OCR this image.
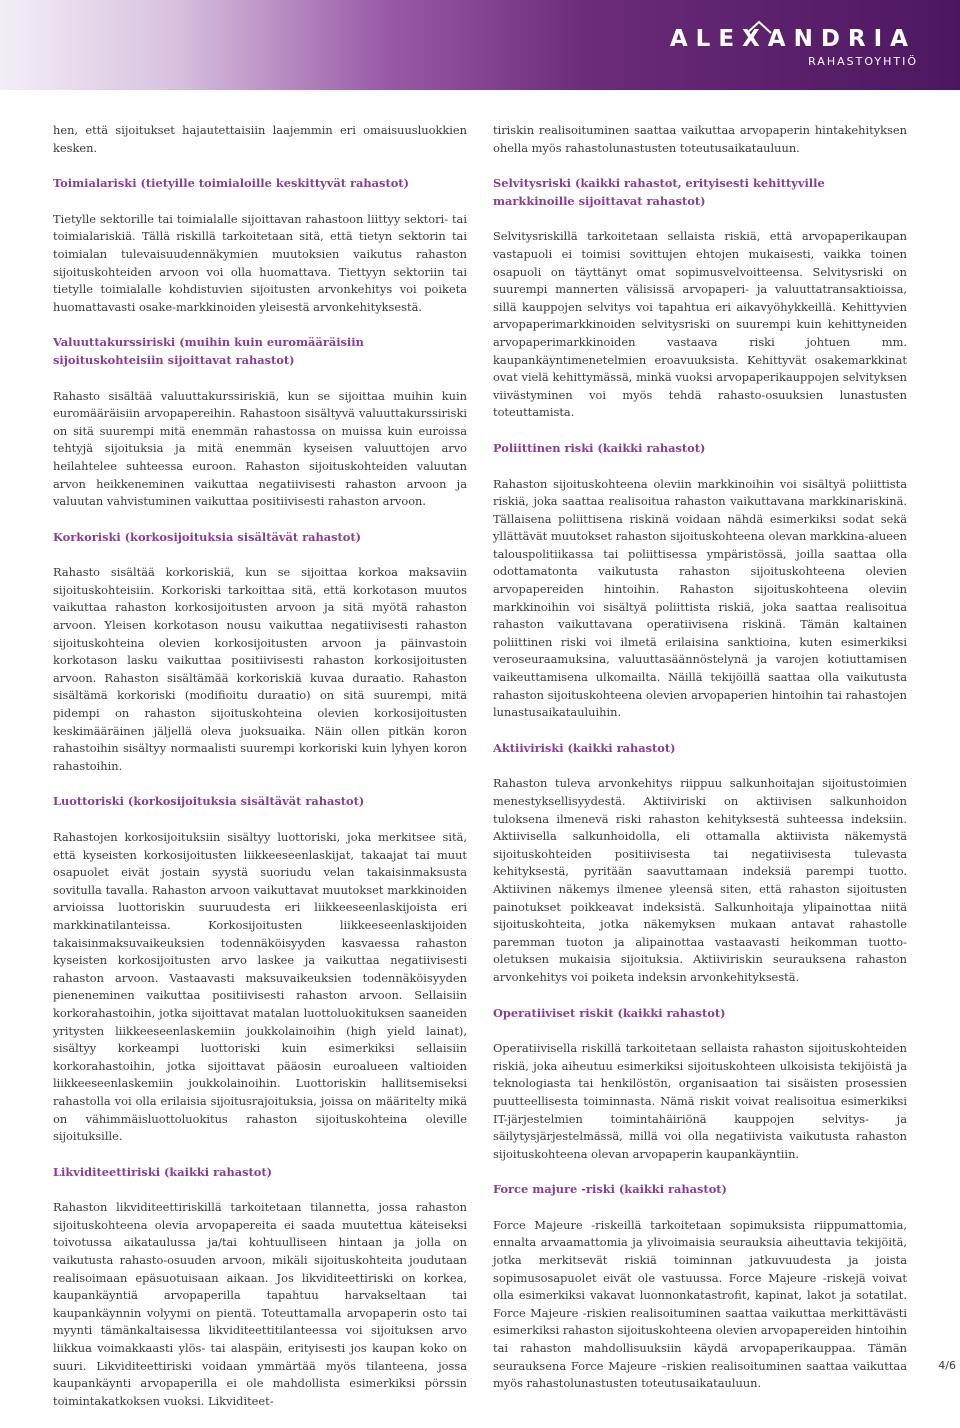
ALEXANDRIA
RAHASTOYHTIÖ

hen, että sijoitukset hajautettaisiin laajemmin eri omaisuusluokkien kesken.

Toimialariski (tietyille toimialoille keskittyvät rahastot)

Tietylle sektorille tai toimialalle sijoittavan rahastoon liittyy sektori- tai toimialariskiä. Tällä riskillä tarkoitetaan sitä, että tietyn sektorin tai toimialan tulevaisuudennäkymien muutoksien vaikutus rahaston sijoituskohteiden arvoon voi olla huomattava. Tiettyyn sektoriin tai tietylle toimialalle kohdistuvien sijoitusten arvonkehitys voi poiketa huomattavasti osake-markkinoiden yleisestä arvonkehityksestä.

Valuuttakurssiriski (muihin kuin euromääräisiin sijoituskohteisiin sijoittavat rahastot)

Rahasto sisältää valuuttakurssiriskiä, kun se sijoittaa muihin kuin euromääräisiin arvopapereihin. Rahastoon sisältyvä valuuttakurssiriski on sitä suurempi mitä enemmän rahastossa on muissa kuin euroissa tehtyjä sijoituksia ja mitä enemmän kyseisen valuuttojen arvo heilahtelee suhteessa euroon. Rahaston sijoituskohteiden valuutan arvon heikkeneminen vaikuttaa negatiivisesti rahaston arvoon ja valuutan vahvistuminen vaikuttaa positiivisesti rahaston arvoon.

Korkoriski (korkosijoituksia sisältävät rahastot)

Rahasto sisältää korkoriskiä, kun se sijoittaa korkoa maksaviin sijoituskohteisiin. Korkoriski tarkoittaa sitä, että korkotason muutos vaikuttaa rahaston korkosijoitusten arvoon ja sitä myötä rahaston arvoon. Yleisen korkotason nousu vaikuttaa negatiivisesti rahaston sijoituskohteina olevien korkosijoitusten arvoon ja päinvastoin korkotason lasku vaikuttaa positiivisesti rahaston korkosijoitusten arvoon. Rahaston sisältämää korkoriskiä kuvaa duraatio. Rahaston sisältämä korkoriski (modifioitu duraatio) on sitä suurempi, mitä pidempi on rahaston sijoituskohteina olevien korkosijoitusten keskimääräinen jäljellä oleva juoksuaika. Näin ollen pitkän koron rahastoihin sisältyy normaalisti suurempi korkoriski kuin lyhyen koron rahastoihin.

Luottoriski (korkosijoituksia sisältävät rahastot)

Rahastojen korkosijoituksiin sisältyy luottoriski, joka merkitsee sitä, että kyseisten korkosijoitusten liikkeeseenlaskijat, takaajat tai muut osapuolet eivät jostain syystä suoriudu velan takaisinmaksusta sovitulla tavalla. Rahaston arvoon vaikuttavat muutokset markkinoiden arvioissa luottoriskin suuruudesta eri liikkeeseenlaskijoista eri markkinatilanteissa. Korkosijoitusten liikkeeseenlaskijoiden takaisinmaksuvaikeuksien todennäköisyyden kasvaessa rahaston kyseisten korkosijoitusten arvo laskee ja vaikuttaa negatiivisesti rahaston arvoon. Vastaavasti maksuvaikeuksien todennäköisyyden pieneneminen vaikuttaa positiivisesti rahaston arvoon. Sellaisiin korkorahastoihin, jotka sijoittavat matalan luottoluokituksen saaneiden yritysten liikkeeseenlaskemiin joukkolainoihin (high yield lainat), sisältyy korkeampi luottoriski kuin esimerkiksi sellaisiin korkorahastoihin, jotka sijoittavat pääosin euroalueen valtioiden liikkeeseenlaskemiin joukkolainoihin. Luottoriskin hallitsemiseksi rahastolla voi olla erilaisia sijoitusrajoituksia, joissa on määritelty mikä on vähimmäisluottoluokitus rahaston sijoituskohteina oleville sijoituksille.

Likviditeettiriski (kaikki rahastot)

Rahaston likviditeettiriskillä tarkoitetaan tilannetta, jossa rahaston sijoituskohteena olevia arvopapereita ei saada muutettua käteiseksi toivotussa aikataulussa ja/tai kohtuulliseen hintaan ja jolla on vaikutusta rahasto-osuuden arvoon, mikäli sijoituskohteita joudutaan realisoimaan epäsuotuisaan aikaan. Jos likviditeettiriski on korkea, kaupankäyntiä arvopaperilla tapahtuu harvakseltaan tai kaupankäynnin volyymi on pientä. Toteuttamalla arvopaperin osto tai myynti tämänkaltaisessa likviditeettitilanteessa voi sijoituksen arvo liikkua voimakkaasti ylös- tai alaspäin, erityisesti jos kaupan koko on suuri. Likviditeettiriski voidaan ymmärtää myös tilanteena, jossa kaupankäynti arvopaperilla ei ole mahdollista esimerkiksi pörssin toimintakatkoksen vuoksi. Likviditeet-

tiriskin realisoituminen saattaa vaikuttaa arvopaperin hintakehityksen ohella myös rahastolunastusten toteutusaikatauluun.

Selvitysriski (kaikki rahastot, erityisesti kehittyville markkinoille sijoittavat rahastot)

Selvitysriskillä tarkoitetaan sellaista riskiä, että arvopaperikaupan vastapuoli ei toimisi sovittujen ehtojen mukaisesti, vaikka toinen osapuoli on täyttänyt omat sopimusvelvoitteensa. Selvitysriski on suurempi mannerten välisissä arvopaperi- ja valuuttatransaktioissa, sillä kauppojen selvitys voi tapahtua eri aikavyöhykkeillä. Kehittyvien arvopaperimarkkinoiden selvitysriski on suurempi kuin kehittyneiden arvopaperimarkkinoiden vastaava riski johtuen mm. kaupankäyntimenetelmien eroavuuksista. Kehittyvät osakemarkkinat ovat vielä kehittymässä, minkä vuoksi arvopaperikauppojen selvityksen viivästyminen voi myös tehdä rahasto-osuuksien lunastusten toteuttamista.

Poliittinen riski (kaikki rahastot)

Rahaston sijoituskohteena oleviin markkinoihin voi sisältyä poliittista riskiä, joka saattaa realisoitua rahaston vaikuttavana markkinariskinä. Tällaisena poliittisena riskinä voidaan nähdä esimerkiksi sodat sekä yllättävät muutokset rahaston sijoituskohteena olevan markkina-alueen talouspolitiikassa tai poliittisessa ympäristössä, joilla saattaa olla odottamatonta vaikutusta rahaston sijoituskohteena olevien arvopapereiden hintoihin. Rahaston sijoituskohteena oleviin markkinoihin voi sisältyä poliittista riskiä, joka saattaa realisoitua rahaston vaikuttavana operatiivisena riskinä. Tämän kaltainen poliittinen riski voi ilmetä erilaisina sanktioina, kuten esimerkiksi veroseuraamuksina, valuuttasäännöstelynä ja varojen kotiuttamisen vaikeuttamisena ulkomailta. Näillä tekijöillä saattaa olla vaikutusta rahaston sijoituskohteena olevien arvopaperien hintoihin tai rahastojen lunastusaikatauluihin.

Aktiiviriski (kaikki rahastot)

Rahaston tuleva arvonkehitys riippuu salkunhoitajan sijoitustoimien menestyksellisyydestä. Aktiiviriski on aktiivisen salkunhoidon tuloksena ilmenevä riski rahaston kehityksestä suhteessa indeksiin. Aktiivisella salkunhoidolla, eli ottamalla aktiivista näkemystä sijoituskohteiden positiivisesta tai negatiivisesta tulevasta kehityksestä, pyritään saavuttamaan indeksiä parempi tuotto. Aktiivinen näkemys ilmenee yleensä siten, että rahaston sijoitusten painotukset poikkeavat indeksistä. Salkunhoitaja ylipainottaa niitä sijoituskohteita, jotka näkemyksen mukaan antavat rahastolle paremman tuoton ja alipainottaa vastaavasti heikomman tuotto-oletuksen mukaisia sijoituksia. Aktiiviriskin seurauksena rahaston arvonkehitys voi poiketa indeksin arvonkehityksestä.

Operatiiviset riskit (kaikki rahastot)

Operatiivisella riskillä tarkoitetaan sellaista rahaston sijoituskohteiden riskiä, joka aiheutuu esimerkiksi sijoituskohteen ulkoisista tekijöistä ja teknologiasta tai henkilöstön, organisaation tai sisäisten prosessien puutteellisesta toiminnasta. Nämä riskit voivat realisoitua esimerkiksi IT-järjestelmien toimintahäiriönä kauppojen selvitys- ja säilytysjärjestelmässä, millä voi olla negatiivista vaikutusta rahaston sijoituskohteena olevan arvopaperin kaupankäyntiin.

Force majure -riski (kaikki rahastot)

Force Majeure -riskeillä tarkoitetaan sopimuksista riippumattomia, ennalta arvaamattomia ja ylivoimaisia seurauksia aiheuttavia tekijöitä, jotka merkitsevät riskiä toiminnan jatkuvuudesta ja joista sopimusosapuolet eivät ole vastuussa. Force Majeure -riskejä voivat olla esimerkiksi vakavat luonnonkatastrofit, kapinat, lakot ja sotatilat. Force Majeure -riskien realisoituminen saattaa vaikuttaa merkittävästi esimerkiksi rahaston sijoituskohteena olevien arvopapereiden hintoihin tai rahaston mahdollisuuksiin käydä arvopaperikauppaa. Tämän seurauksena Force Majeure –riskien realisoituminen saattaa vaikuttaa myös rahastolunastusten toteutusaikatauluun.

4/6
